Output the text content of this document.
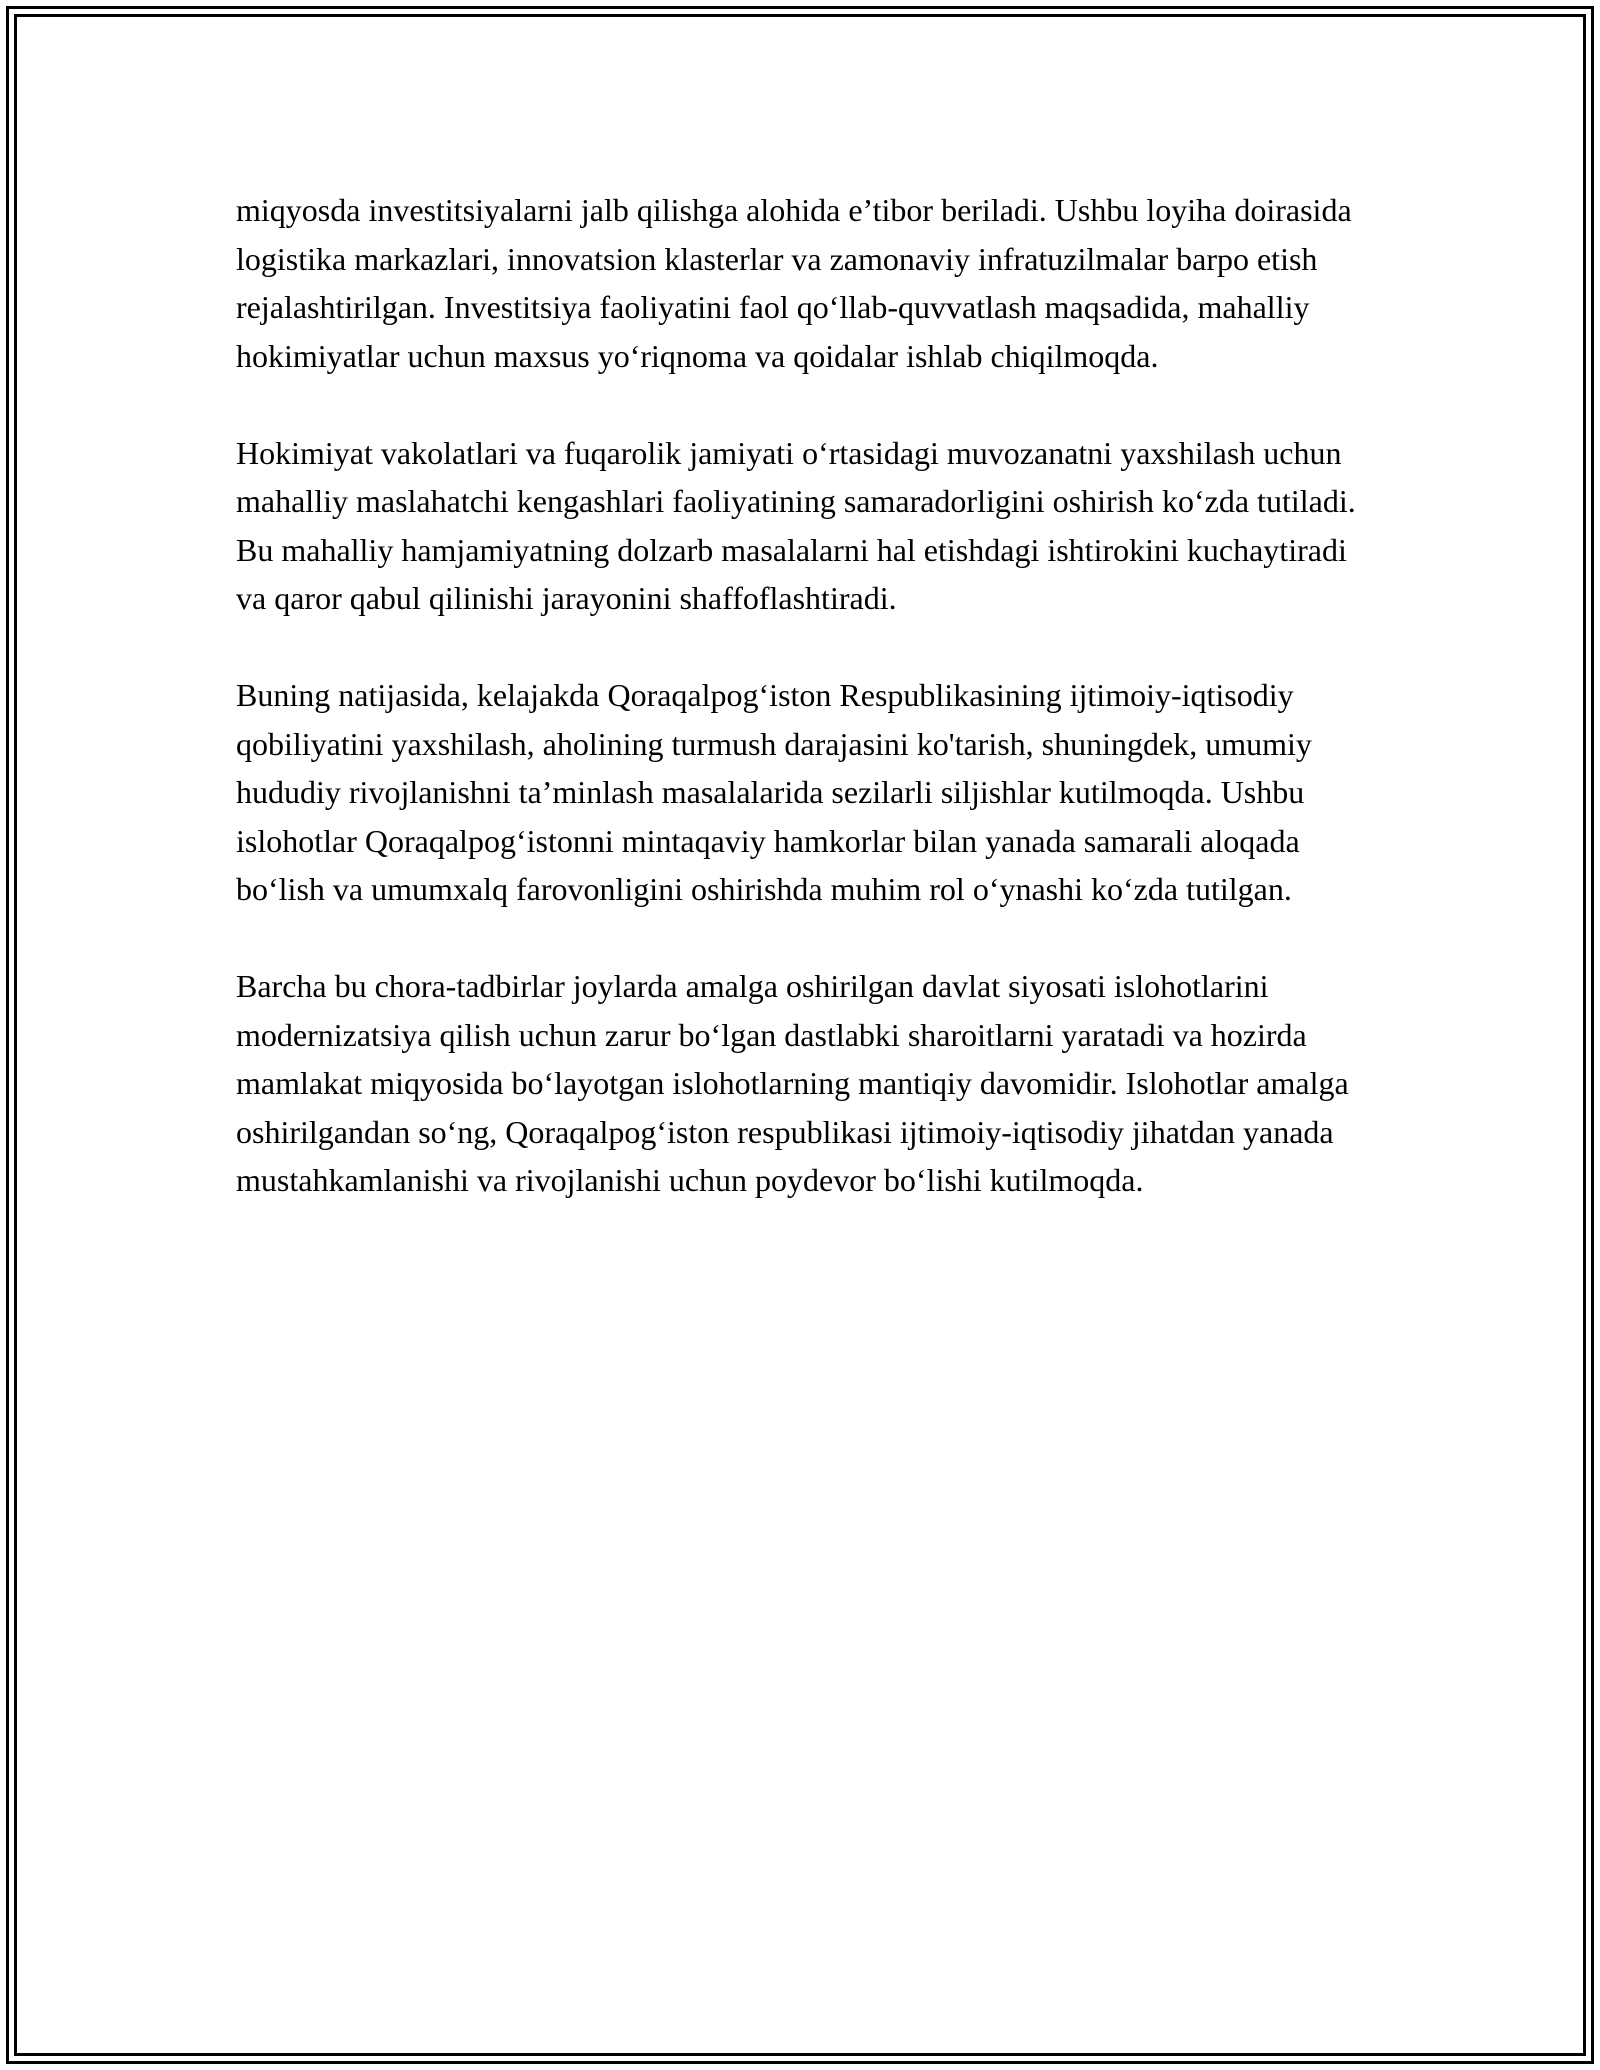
miqyosda investitsiyalarni jalb qilishga alohida e’tibor beriladi. Ushbu loyiha doirasida logistika markazlari, innovatsion klasterlar va zamonaviy infratuzilmalar barpo etish rejalashtirilgan. Investitsiya faoliyatini faol qo‘llab-quvvatlash maqsadida, mahalliy hokimiyatlar uchun maxsus yo‘riqnoma va qoidalar ishlab chiqilmoqda.

Hokimiyat vakolatlari va fuqarolik jamiyati o‘rtasidagi muvozanatni yaxshilash uchun mahalliy maslahatchi kengashlari faoliyatining samaradorligini oshirish ko‘zda tutiladi. Bu mahalliy hamjamiyatning dolzarb masalalarni hal etishdagi ishtirokini kuchaytiradi va qaror qabul qilinishi jarayonini shaffoflashtiradi.

Buning natijasida, kelajakda Qoraqalpog‘iston Respublikasining ijtimoiy-iqtisodiy qobiliyatini yaxshilash, aholining turmush darajasini ko'tarish, shuningdek, umumiy hududiy rivojlanishni ta’minlash masalalarida sezilarli siljishlar kutilmoqda. Ushbu islohotlar Qoraqalpog‘istonni mintaqaviy hamkorlar bilan yanada samarali aloqada bo‘lish va umumxalq farovonligini oshirishda muhim rol o‘ynashi ko‘zda tutilgan.

Barcha bu chora-tadbirlar joylarda amalga oshirilgan davlat siyosati islohotlarini modernizatsiya qilish uchun zarur bo‘lgan dastlabki sharoitlarni yaratadi va hozirda mamlakat miqyosida bo‘layotgan islohotlarning mantiqiy davomidir. Islohotlar amalga oshirilgandan so‘ng, Qoraqalpog‘iston respublikasi ijtimoiy-iqtisodiy jihatdan yanada mustahkamlanishi va rivojlanishi uchun poydevor bo‘lishi kutilmoqda.
